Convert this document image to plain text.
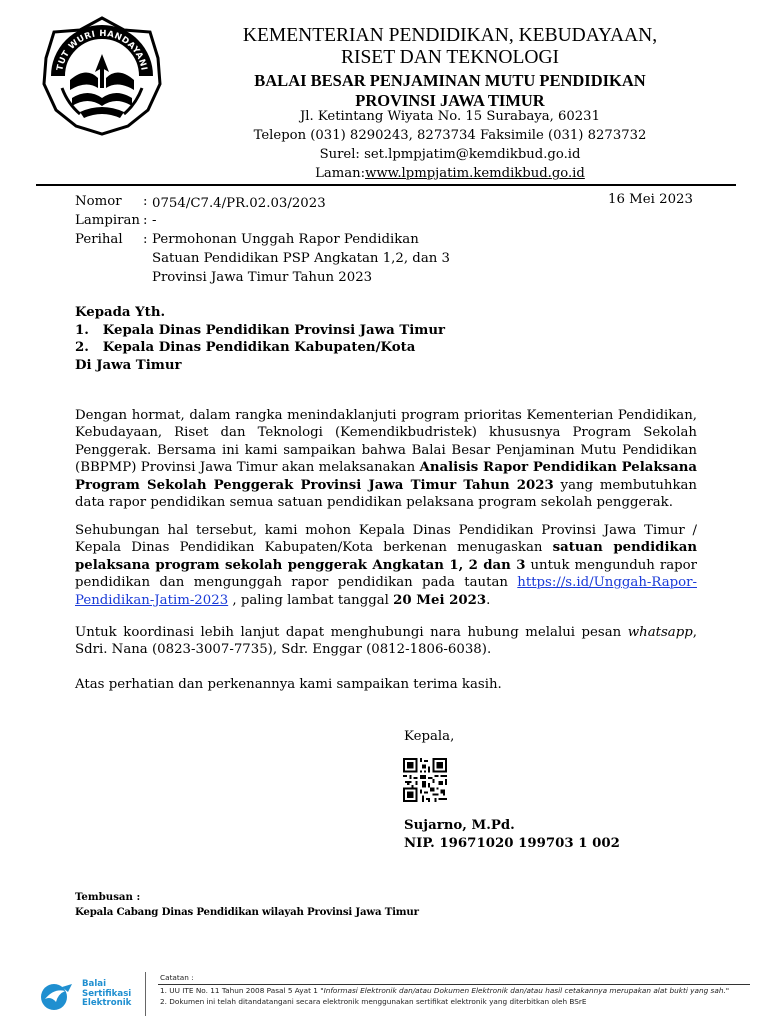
TUT WURI HANDAYANI
KEMENTERIAN PENDIDIKAN, KEBUDAYAAN,
RISET DAN TEKNOLOGI
BALAI BESAR PENJAMINAN MUTU PENDIDIKAN
PROVINSI JAWA TIMUR
Jl. Ketintang Wiyata No. 15 Surabaya, 60231
Telepon (031) 8290243, 8273734 Faksimile (031) 8273732
Surel: set.lpmpjatim@kemdikbud.go.id
Laman:www.lpmpjatim.kemdikbud.go.id
16 Mei 2023
Nomor : 0754/C7.4/PR.02.03/2023
Lampiran : -
Perihal : Permohonan Unggah Rapor Pendidikan
Satuan Pendidikan PSP Angkatan 1,2, dan 3
Provinsi Jawa Timur Tahun 2023
Kepada Yth.
1.   Kepala Dinas Pendidikan Provinsi Jawa Timur
2.   Kepala Dinas Pendidikan Kabupaten/Kota
Di Jawa Timur
Dengan hormat, dalam rangka menindaklanjuti program prioritas Kementerian Pendidikan, Kebudayaan, Riset dan Teknologi (Kemendikbudristek) khususnya Program Sekolah Penggerak. Bersama ini kami sampaikan bahwa Balai Besar Penjaminan Mutu Pendidikan (BBPMP) Provinsi Jawa Timur akan melaksanakan Analisis Rapor Pendidikan Pelaksana Program Sekolah Penggerak Provinsi Jawa Timur Tahun 2023 yang membutuhkan data rapor pendidikan semua satuan pendidikan pelaksana program sekolah penggerak.
Sehubungan hal tersebut, kami mohon Kepala Dinas Pendidikan Provinsi Jawa Timur / Kepala Dinas Pendidikan Kabupaten/Kota berkenan menugaskan satuan pendidikan pelaksana program sekolah penggerak Angkatan 1, 2 dan 3 untuk mengunduh rapor pendidikan dan mengunggah rapor pendidikan pada tautan https://s.id/Unggah-Rapor-Pendidikan-Jatim-2023 , paling lambat tanggal 20 Mei 2023.
Untuk koordinasi lebih lanjut dapat menghubungi nara hubung melalui pesan whatsapp, Sdri. Nana (0823-3007-7735), Sdr. Enggar (0812-1806-6038).
Atas perhatian dan perkenannya kami sampaikan terima kasih.
Kepala,
Sujarno, M.Pd.
NIP. 19671020 199703 1 002
Tembusan :
Kepala Cabang Dinas Pendidikan wilayah Provinsi Jawa Timur
Balai
Sertifikasi
Elektronik
Catatan :
1. UU ITE No. 11 Tahun 2008 Pasal 5 Ayat 1 "Informasi Elektronik dan/atau Dokumen Elektronik dan/atau hasil cetakannya merupakan alat bukti yang sah."
2. Dokumen ini telah ditandatangani secara elektronik menggunakan sertifikat elektronik yang diterbitkan oleh BSrE
